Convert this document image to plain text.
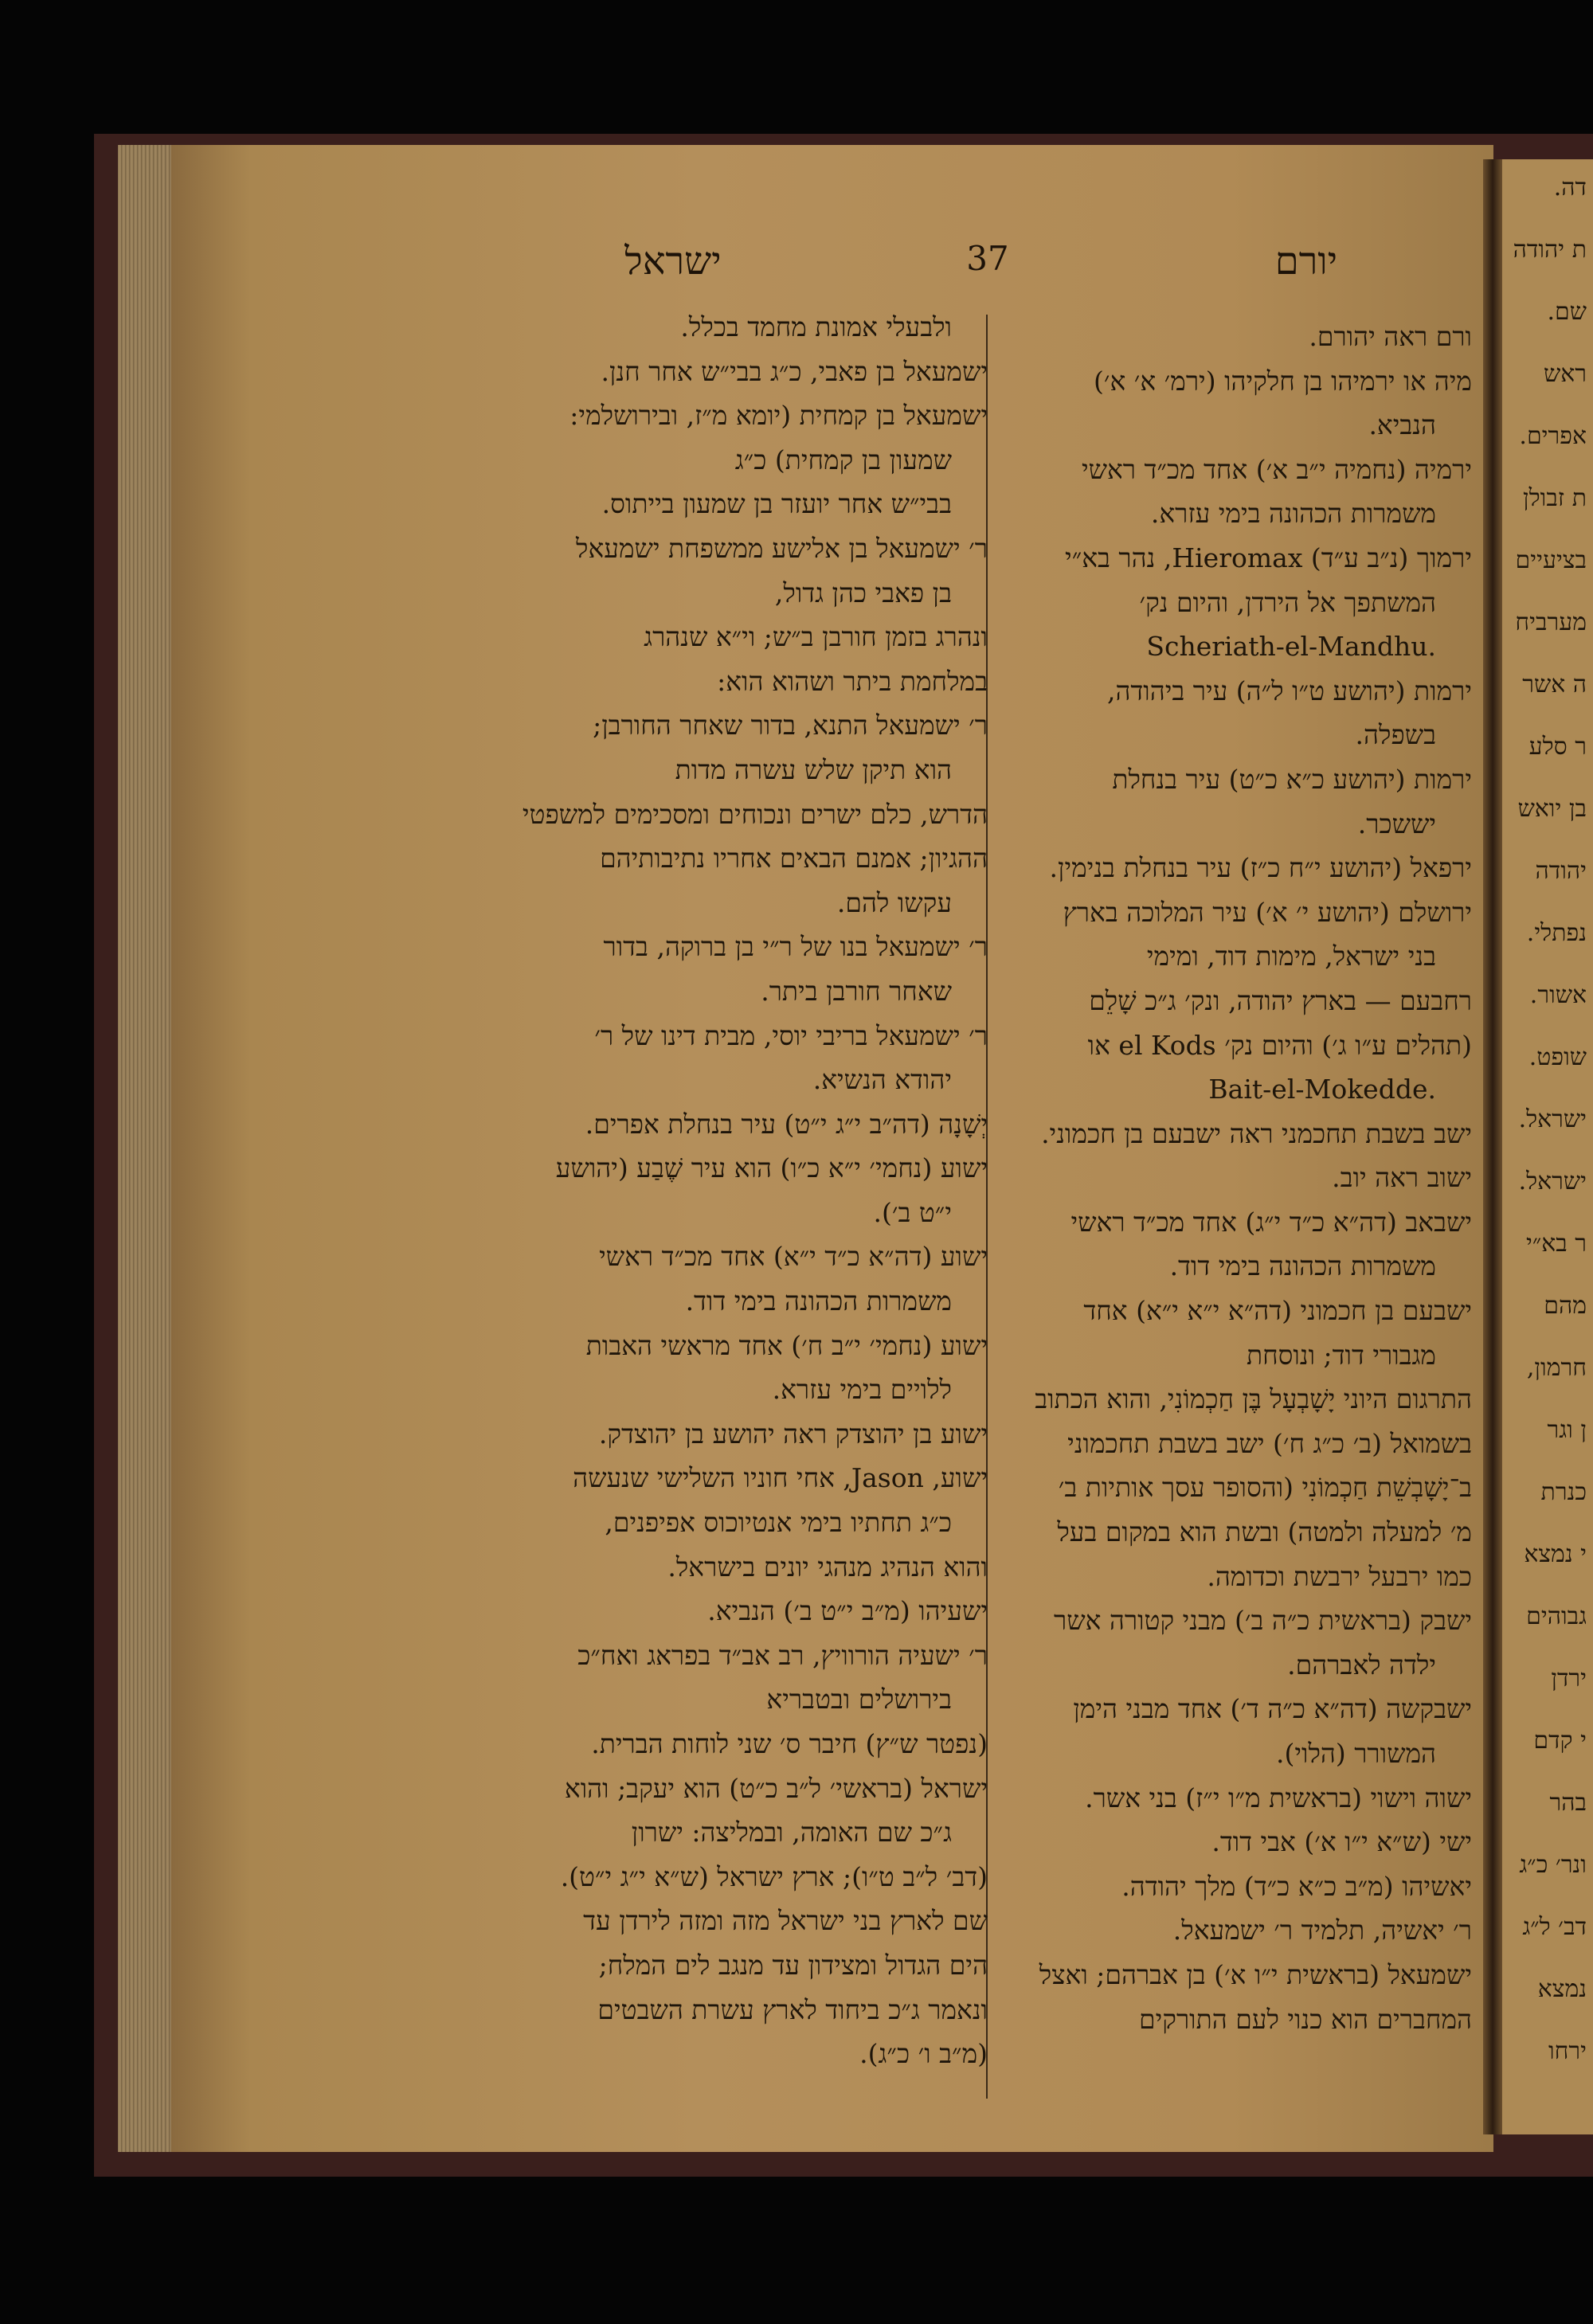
דה.
ת יהודה
שם.
ראש
אפרים.
ת זבולן
בציעיים
מערביח
ה אשר
ר סלע
בן יואש
יהודה
נפתלי.
אשור.
שופט.
ישראל.
ישראל.
ר בא״י
מהם
חרמון,
ן וגר
כנרת
י נמצא
גבוהים
ירדן
י קדם
בהר
ונר׳ כ״ג
דב׳ ל״ג
נמצא
ירחו
יורם
37
ישראל
ורם ראה יהורם.
מיה או ירמיהו בן חלקיהו (ירמ׳ א׳ א׳)
הנביא.
ירמיה (נחמיה י״ב א׳) אחד מכ״ד ראשי
משמרות הכהונה בימי עזרא.
ירמוך (נ״ב ע״ד) Hieromax, נהר בא״י
המשתפך אל הירדן, והיום נק׳
.Scheriath-el-Mandhu
ירמות (יהושע ט״ו ל״ה) עיר ביהודה,
בשפלה.
ירמות (יהושע כ״א כ״ט) עיר בנחלת
יששכר.
ירפאל (יהושע י״ח כ״ז) עיר בנחלת בנימין.
ירושלם (יהושע י׳ א׳) עיר המלוכה בארץ
בני ישראל, מימות דוד, ומימי
רחבעם — בארץ יהודה, ונק׳ ג״כ שָׁלֵם
(תהלים ע״ו ג׳) והיום נק׳ el Kods או
.Bait-el-Mokedde
ישב בשבת תחכמני ראה ישבעם בן חכמוני.
ישוב ראה יוב.
ישבאב (דה״א כ״ד י״ג) אחד מכ״ד ראשי
משמרות הכהונה בימי דוד.
ישבעם בן חכמוני (דה״א י״א י״א) אחד
מגבורי דוד; ונוסחת
התרגום היוני יָשָׁבְעָל בֶּן חַכְמוֹנִי, והוא הכתוב
בשמואל (ב׳ כ״ג ח׳) ישב בשבת תחכמוני
ב־יָשָׁבְשֵׁת חַכְמוֹנִי (והסופר עסך אותיות ב׳
מ׳ למעלה ולמטה) ובשת הוא במקום בעל
כמו ירבעל ירבשת וכדומה.
ישבק (בראשית כ״ה ב׳) מבני קטורה אשר
ילדה לאברהם.
ישבקשה (דה״א כ״ה ד׳) אחד מבני הימן
המשורר (הלוי).
ישוה וישוי (בראשית מ״ו י״ז) בני אשר.
ישי (ש״א י״ו א׳) אבי דוד.
יאשיהו (מ״ב כ״א כ״ד) מלך יהודה.
ר׳ יאשיה, תלמיד ר׳ ישמעאל.
ישמעאל (בראשית י״ו א׳) בן אברהם; ואצל
המחברים הוא כנוי לעם התורקים
ולבעלי אמונת מחמד בכלל.
ישמעאל בן פאבי, כ״ג בבי״ש אחר חנן.
ישמעאל בן קמחית (יומא מ״ז, ובירושלמי:
שמעון בן קמחית) כ״ג
בבי״ש אחר יועזר בן שמעון בייתוס.
ר׳ ישמעאל בן אלישע ממשפחת ישמעאל
בן פאבי כהן גדול,
ונהרג בזמן חורבן ב״ש; וי״א שנהרג
במלחמת ביתר ושהוא הוא:
ר׳ ישמעאל התנא, בדור שאחר החורבן;
הוא תיקן שלש עשרה מדות
הדרש, כלם ישרים ונכוחים ומסכימים למשפטי
ההגיון; אמנם הבאים אחריו נתיבותיהם
עקשו להם.
ר׳ ישמעאל בנו של ר״י בן ברוקה, בדור
שאחר חורבן ביתר.
ר׳ ישמעאל בריבי יוסי, מבית דינו של ר׳
יהודא הנשיא.
יְשָׁנָה (דה״ב י״ג י״ט) עיר בנחלת אפרים.
ישוע (נחמי׳ י״א כ״ו) הוא עיר שֶׁבַע (יהושע
י״ט ב׳).
ישוע (דה״א כ״ד י״א) אחד מכ״ד ראשי
משמרות הכהונה בימי דוד.
ישוע (נחמי׳ י״ב ח׳) אחד מראשי האבות
ללויים בימי עזרא.
ישוע בן יהוצדק ראה יהושע בן יהוצדק.
ישוע, Jason, אחי חוניו השלישי שנעשה
כ״ג תחתיו בימי אנטיוכוס אפיפנים,
והוא הנהיג מנהגי יונים בישראל.
ישעיהו (מ״ב י״ט ב׳) הנביא.
ר׳ ישעיה הורוויץ, רב אב״ד בפראג ואח״כ
בירושלים ובטבריא
(נפטר ש״ץ) חיבר ס׳ שני לוחות הברית.
ישראל (בראשי׳ ל״ב כ״ט) הוא יעקב; והוא
ג״כ שם האומה, ובמליצה: ישרון
(דב׳ ל״ב ט״ו); ארץ ישראל (ש״א י״ג י״ט).
שם לארץ בני ישראל מזה ומזה לירדן עד
הים הגדול ומצידון עד מנגב לים המלח;
ונאמר ג״כ ביחוד לארץ עשרת השבטים
(מ״ב ו׳ כ״ג).
